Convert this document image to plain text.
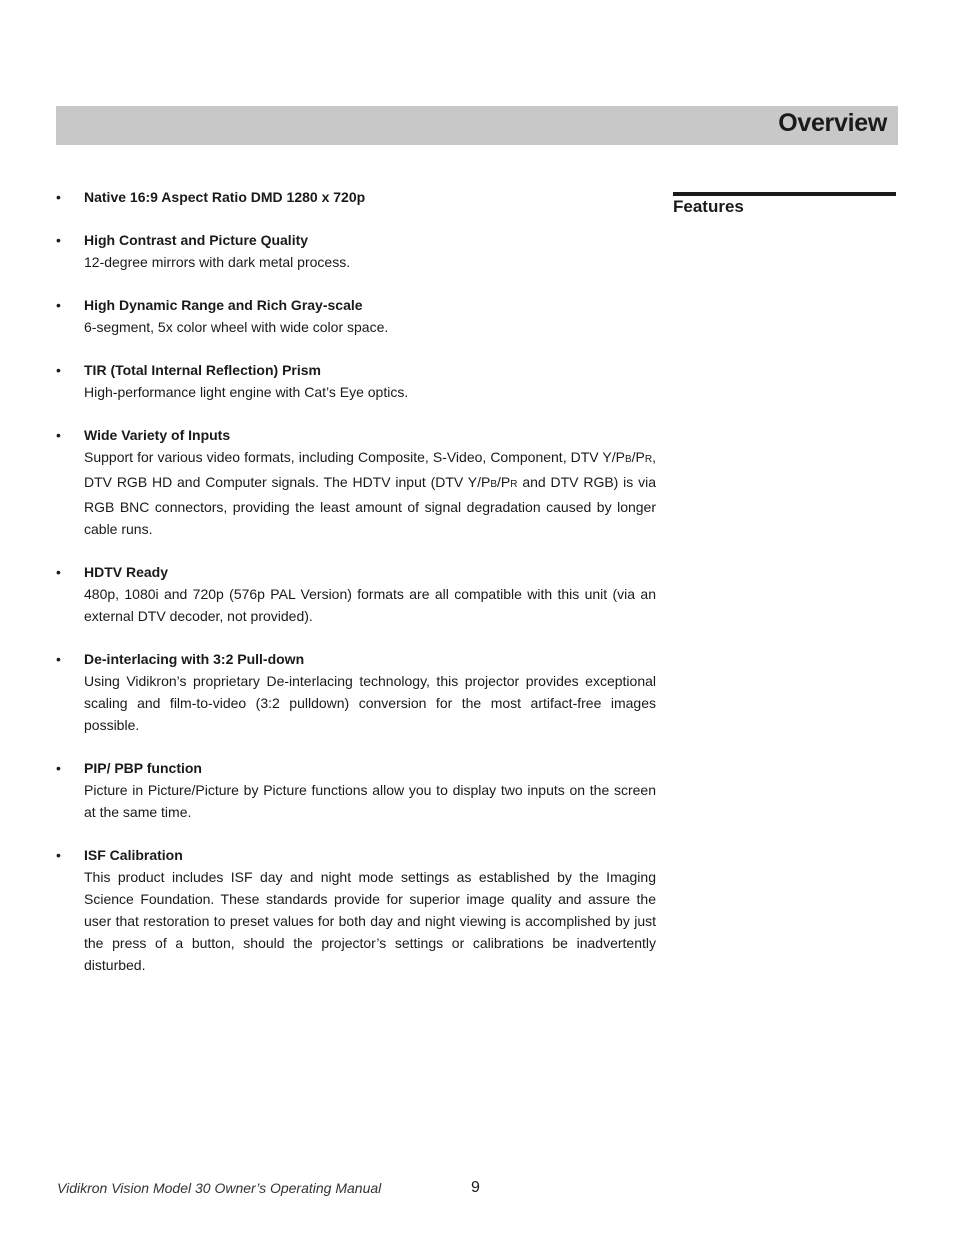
Overview
Features
• Native 16:9 Aspect Ratio DMD 1280 x 720p
• High Contrast and Picture Quality
12-degree mirrors with dark metal process.
• High Dynamic Range and Rich Gray-scale
6-segment, 5x color wheel with wide color space.
• TIR (Total Internal Reflection) Prism
High-performance light engine with Cat’s Eye optics.
• Wide Variety of Inputs
Support for various video formats, including Composite, S-Video, Component, DTV Y/PB/PR, DTV RGB HD and Computer signals. The HDTV input (DTV Y/PB/PR and DTV RGB) is via RGB BNC connectors, providing the least amount of signal degradation caused by longer cable runs.
• HDTV Ready
480p, 1080i and 720p (576p PAL Version) formats are all compatible with this unit (via an external DTV decoder, not provided).
• De-interlacing with 3:2 Pull-down
Using Vidikron’s proprietary De-interlacing technology, this projector provides exceptional scaling and film-to-video (3:2 pulldown) conversion for the most artifact-free images possible.
• PIP/ PBP function
Picture in Picture/Picture by Picture functions allow you to display two inputs on the screen at the same time.
• ISF Calibration
This product includes ISF day and night mode settings as established by the Imaging Science Foundation. These standards provide for superior image quality and assure the user that restoration to preset values for both day and night viewing is accomplished by just the press of a button, should the projector’s settings or calibrations be inadvertently disturbed.
Vidikron Vision Model 30 Owner’s Operating Manual	9
